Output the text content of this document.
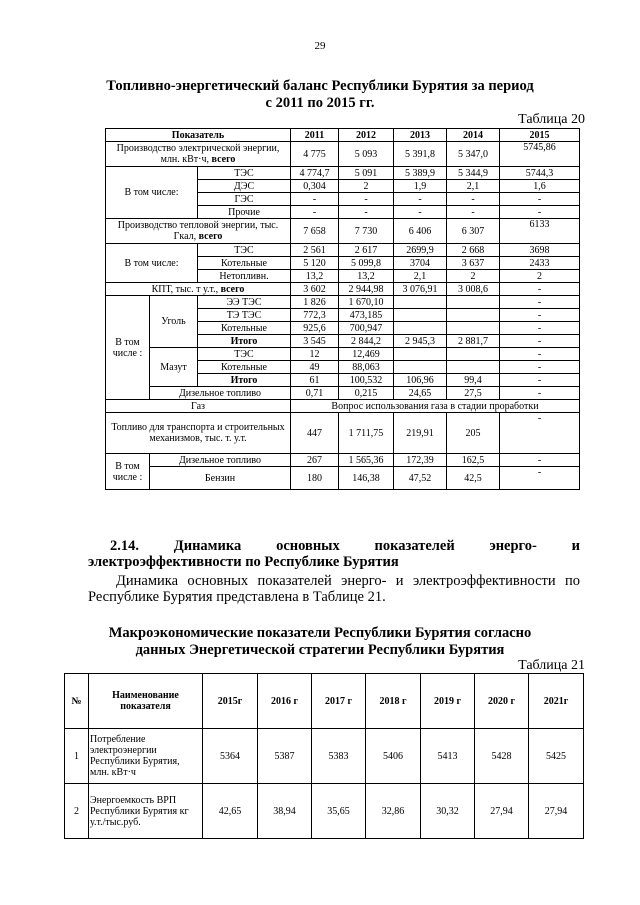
29
Топливно-энергетический баланс Республики Бурятия за период
с 2011 по 2015 гг.
Таблица 20
Показатель			2011	2012	2013	2014	2015
Производство электрической энергии, млн. кВт·ч, всего			4 775	5 093	5 391,8	5 347,0	5745,86
В том числе:		ТЭС	4 774,7	5 091	5 389,9	5 344,9	5744,3
		ДЭС	0,304	2	1,9	2,1	1,6
		ГЭС	-	-	-	-	-
		Прочие	-	-	-	-	-
Производство тепловой энергии, тыс. Гкал, всего			7 658	7 730	6 406	6 307	6133
В том числе:		ТЭС	2 561	2 617	2699,9	2 668	3698
		Котельные	5 120	5 099,8	3704	3 637	2433
		Нетопливн.	13,2	13,2	2,1	2	2
КПТ, тыс. т у.т., всего			3 602	2 944,98	3 076,91	3 008,6	-
В том числе :	Уголь	ЭЭ ТЭС	1 826	1 670,10			-
		ТЭ ТЭС	772,3	473,185			-
		Котельные	925,6	700,947			-
		Итого	3 545	2 844,2	2 945,3	2 881,7	-
	Мазут	ТЭС	12	12,469			-
		Котельные	49	88,063			-
		Итого	61	100,532	106,96	99,4	-
	Дизельное топливо		0,71	0,215	24,65	27,5	-
Газ			Вопрос использования газа в стадии проработки				
Топливо для транспорта и строительных механизмов, тыс. т. у.т.			447	1 711,75	219,91	205	-
В том числе :	Дизельное топливо		267	1 565,36	172,39	162,5	-
	Бензин		180	146,38	47,52	42,5	-
2.14. Динамика основных показателей энерго- и
электроэффективности по Республике Бурятия
Динамика основных показателей энерго- и электроэффективности по Республике Бурятия представлена в Таблице 21.
Макроэкономические показатели Республики Бурятия согласно
данных Энергетической стратегии Республики Бурятия
Таблица 21
№	Наименование показателя	2015г	2016 г	2017 г	2018 г	2019 г	2020 г	2021г
1	Потребление электроэнергии Республики Бурятия, млн. кВт·ч	5364	5387	5383	5406	5413	5428	5425
2	Энергоемкость ВРП Республики Бурятия кг у.т./тыс.руб.	42,65	38,94	35,65	32,86	30,32	27,94	27,94
